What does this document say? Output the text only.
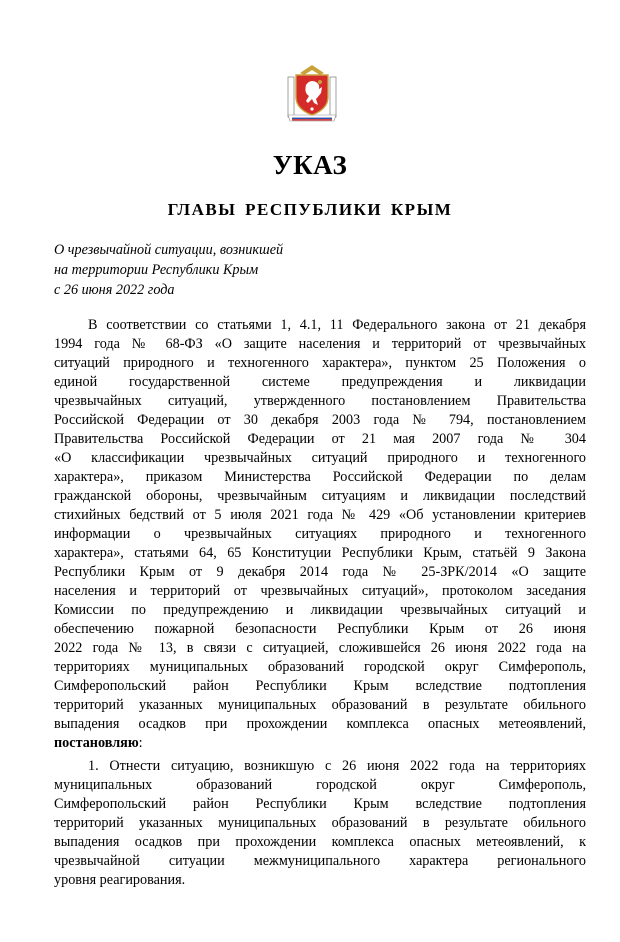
УКАЗ
ГЛАВЫ РЕСПУБЛИКИ КРЫМ
О чрезвычайной ситуации, возникшей
на территории Республики Крым
с 26 июня 2022 года
В соответствии со статьями 1, 4.1, 11 Федерального закона от 21 декабря
1994 года № 68-ФЗ «О защите населения и территорий от чрезвычайных
ситуаций природного и техногенного характера», пунктом 25 Положения о
единой государственной системе предупреждения и ликвидации
чрезвычайных ситуаций, утвержденного постановлением Правительства
Российской Федерации от 30 декабря 2003 года № 794, постановлением
Правительства Российской Федерации от 21 мая 2007 года № 304
«О классификации чрезвычайных ситуаций природного и техногенного
характера», приказом Министерства Российской Федерации по делам
гражданской обороны, чрезвычайным ситуациям и ликвидации последствий
стихийных бедствий от 5 июля 2021 года № 429 «Об установлении критериев
информации о чрезвычайных ситуациях природного и техногенного
характера», статьями 64, 65 Конституции Республики Крым, статьёй 9 Закона
Республики Крым от 9 декабря 2014 года № 25-ЗРК/2014 «О защите
населения и территорий от чрезвычайных ситуаций», протоколом заседания
Комиссии по предупреждению и ликвидации чрезвычайных ситуаций и
обеспечению пожарной безопасности Республики Крым от 26 июня
2022 года № 13, в связи с ситуацией, сложившейся 26 июня 2022 года на
территориях муниципальных образований городской округ Симферополь,
Симферопольский район Республики Крым вследствие подтопления
территорий указанных муниципальных образований в результате обильного
выпадения осадков при прохождении комплекса опасных метеоявлений,
постановляю:
1. Отнести ситуацию, возникшую с 26 июня 2022 года на территориях
муниципальных образований городской округ Симферополь,
Симферопольский район Республики Крым вследствие подтопления
территорий указанных муниципальных образований в результате обильного
выпадения осадков при прохождении комплекса опасных метеоявлений, к
чрезвычайной ситуации межмуниципального характера регионального
уровня реагирования.
